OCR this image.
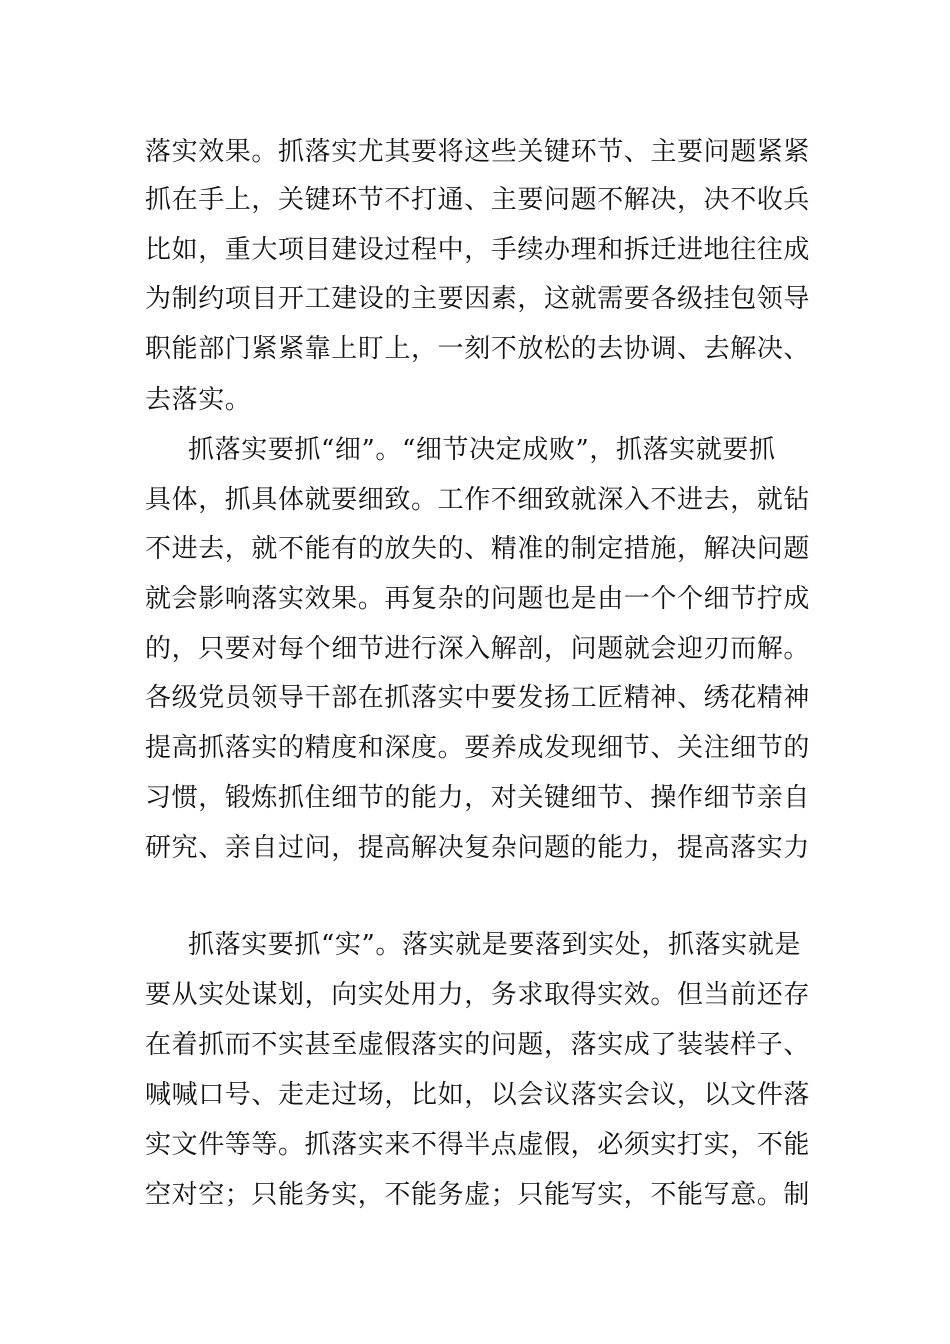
落实效果。抓落实尤其要将这些关键环节、主要问题紧紧
抓在手上，关键环节不打通、主要问题不解决，决不收兵
比如，重大项目建设过程中，手续办理和拆迁进地往往成
为制约项目开工建设的主要因素，这就需要各级挂包领导
职能部门紧紧靠上盯上，一刻不放松的去协调、去解决、
去落实。
抓落实要抓“细”。“细节决定成败”，抓落实就要抓
具体，抓具体就要细致。工作不细致就深入不进去，就钻
不进去，就不能有的放失的、精准的制定措施，解决问题
就会影响落实效果。再复杂的问题也是由一个个细节拧成
的，只要对每个细节进行深入解剖，问题就会迎刃而解。
各级党员领导干部在抓落实中要发扬工匠精神、绣花精神
提高抓落实的精度和深度。要养成发现细节、关注细节的
习惯，锻炼抓住细节的能力，对关键细节、操作细节亲自
研究、亲自过问，提高解决复杂问题的能力，提高落实力
抓落实要抓“实”。落实就是要落到实处，抓落实就是
要从实处谋划，向实处用力，务求取得实效。但当前还存
在着抓而不实甚至虚假落实的问题，落实成了装装样子、
喊喊口号、走走过场，比如，以会议落实会议，以文件落
实文件等等。抓落实来不得半点虚假，必须实打实，不能
空对空；只能务实，不能务虚；只能写实，不能写意。制
